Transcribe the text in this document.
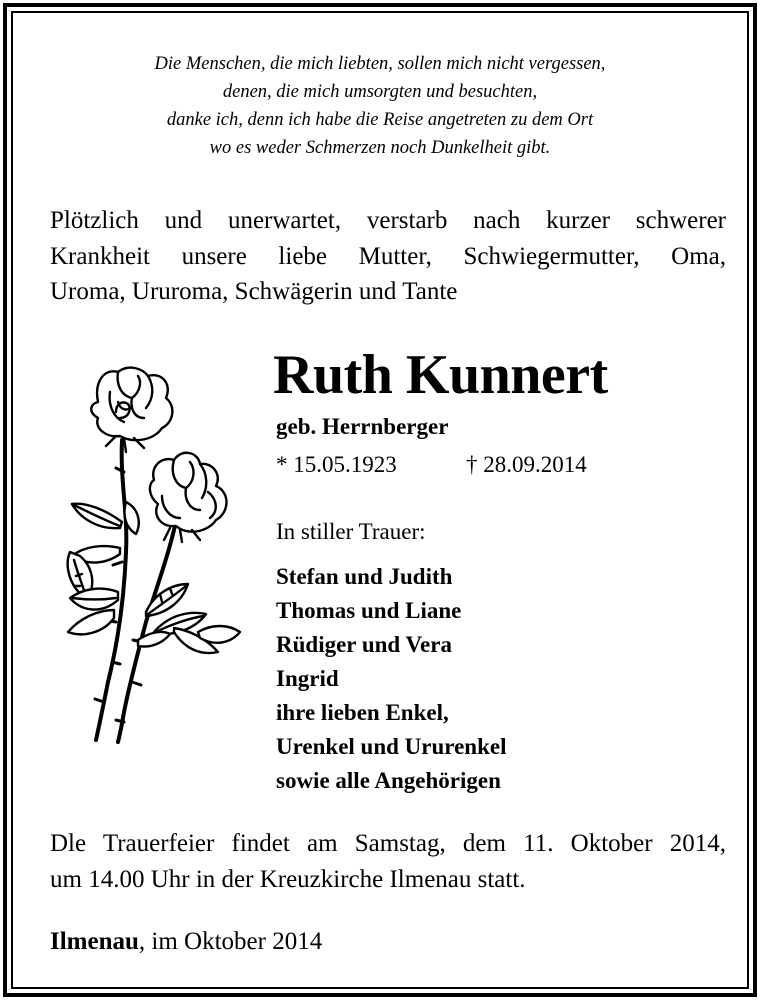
Die Menschen, die mich liebten, sollen mich nicht vergessen,
denen, die mich umsorgten und besuchten,
danke ich, denn ich habe die Reise angetreten zu dem Ort
wo es weder Schmerzen noch Dunkelheit gibt.
Plötzlich und unerwartet, verstarb nach kurzer schwerer
Krankheit unsere liebe Mutter, Schwiegermutter, Oma,
Uroma, Ururoma, Schwägerin und Tante
Ruth Kunnert
geb. Herrnberger
* 15.05.1923	† 28.09.2014
In stiller Trauer:
Stefan und Judith
Thomas und Liane
Rüdiger und Vera
Ingrid
ihre lieben Enkel,
Urenkel und Ururenkel
sowie alle Angehörigen
Dle Trauerfeier findet am Samstag, dem 11. Oktober 2014,
um 14.00 Uhr in der Kreuzkirche Ilmenau statt.
Ilmenau, im Oktober 2014
